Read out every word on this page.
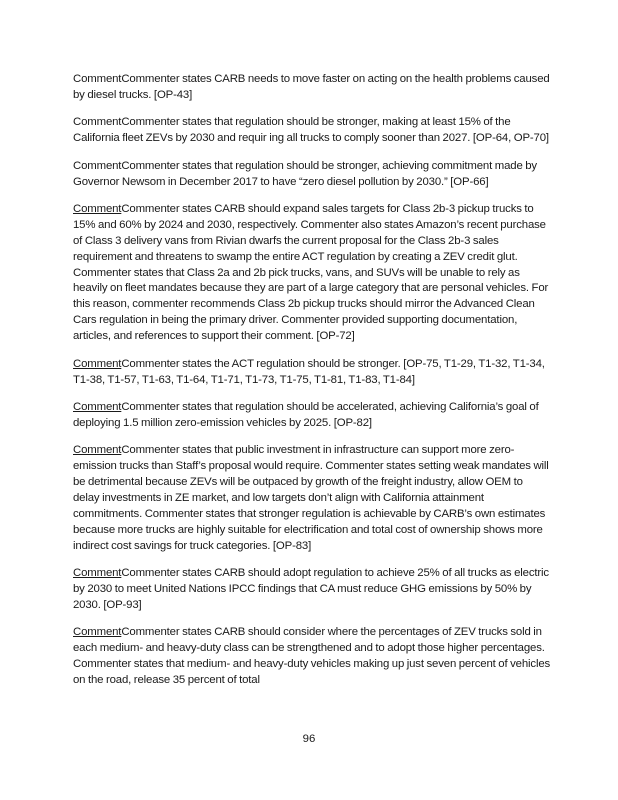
CommentCommenter states CARB needs to move faster on acting on the health problems caused by diesel trucks. [OP-43]

CommentCommenter states that regulation should be stronger, making at least 15% of the California fleet ZEVs by 2030 and requir ing all trucks to comply sooner than 2027. [OP-64, OP-70]

CommentCommenter states that regulation should be stronger, achieving commitment made by Governor Newsom in December 2017 to have “zero diesel pollution by 2030.” [OP-66]

CommentCommenter states CARB should expand sales targets for Class 2b-3 pickup trucks to 15% and 60% by 2024 and 2030, respectively. Commenter also states Amazon’s recent purchase of Class 3 delivery vans from Rivian dwarfs the current proposal for the Class 2b-3 sales requirement and threatens to swamp the entire ACT regulation by creating a ZEV credit glut. Commenter states that Class 2a and 2b pick trucks, vans, and SUVs will be unable to rely as heavily on fleet mandates because they are part of a large category that are personal vehicles. For this reason, commenter recommends Class 2b pickup trucks should mirror the Advanced Clean Cars regulation in being the primary driver. Commenter provided supporting documentation, articles, and references to support their comment. [OP-72]

CommentCommenter states the ACT regulation should be stronger. [OP-75, T1-29, T1-32, T1-34, T1-38, T1-57, T1-63, T1-64, T1-71, T1-73, T1-75, T1-81, T1-83, T1-84]

CommentCommenter states that regulation should be accelerated, achieving California’s goal of deploying 1.5 million zero-emission vehicles by 2025. [OP-82]

CommentCommenter states that public investment in infrastructure can support more zero-emission trucks than Staff’s proposal would require. Commenter states setting weak mandates will be detrimental because ZEVs will be outpaced by growth of the freight industry, allow OEM to delay investments in ZE market, and low targets don’t align with California attainment commitments. Commenter states that stronger regulation is achievable by CARB’s own estimates because more trucks are highly suitable for electrification and total cost of ownership shows more indirect cost savings for truck categories. [OP-83]

CommentCommenter states CARB should adopt regulation to achieve 25% of all trucks as electric by 2030 to meet United Nations IPCC findings that CA must reduce GHG emissions by 50% by 2030. [OP-93]

CommentCommenter states CARB should consider where the percentages of ZEV trucks sold in each medium- and heavy-duty class can be strengthened and to adopt those higher percentages. Commenter states that medium- and heavy-duty vehicles making up just seven percent of vehicles on the road, release 35 percent of total

96
